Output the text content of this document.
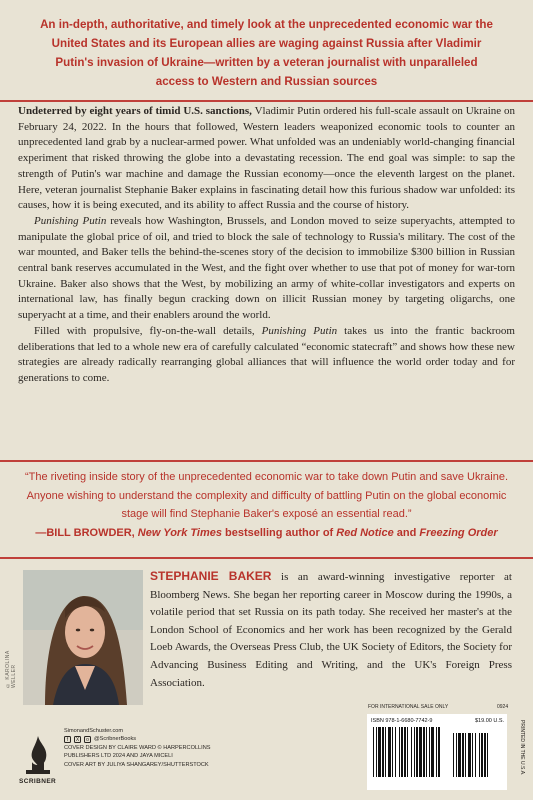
An in-depth, authoritative, and timely look at the unprecedented economic war the United States and its European allies are waging against Russia after Vladimir Putin's invasion of Ukraine—written by a veteran journalist with unparalleled access to Western and Russian sources

Undeterred by eight years of timid U.S. sanctions, Vladimir Putin ordered his full-scale assault on Ukraine on February 24, 2022. In the hours that followed, Western leaders weaponized economic tools to counter an unprecedented land grab by a nuclear-armed power. What unfolded was an undeniably world-changing financial experiment that risked throwing the globe into a devastating recession. The end goal was simple: to sap the strength of Putin's war machine and damage the Russian economy—once the eleventh largest on the planet. Here, veteran journalist Stephanie Baker explains in fascinating detail how this furious shadow war unfolded: its causes, how it is being executed, and its ability to affect Russia and the course of history.

Punishing Putin reveals how Washington, Brussels, and London moved to seize superyachts, attempted to manipulate the global price of oil, and tried to block the sale of technology to Russia's military. The cost of the war mounted, and Baker tells the behind-the-scenes story of the decision to immobilize $300 billion in Russian central bank reserves accumulated in the West, and the fight over whether to use that pot of money for war-torn Ukraine. Baker also shows that the West, by mobilizing an army of white-collar investigators and experts on international law, has finally begun cracking down on illicit Russian money by targeting oligarchs, one superyacht at a time, and their enablers around the world.

Filled with propulsive, fly-on-the-wall details, Punishing Putin takes us into the frantic backroom deliberations that led to a whole new era of carefully calculated “economic statecraft” and shows how these new strategies are already radically rearranging global alliances that will influence the world order today and for generations to come.

“The riveting inside story of the unprecedented economic war to take down Putin and save Ukraine. Anyone wishing to understand the complexity and difficulty of battling Putin on the global economic stage will find Stephanie Baker's exposé an essential read.”
—BILL BROWDER, New York Times bestselling author of Red Notice and Freezing Order
© KAROLINA WELLER
STEPHANIE BAKER is an award-winning investigative reporter at Bloomberg News. She began her reporting career in Moscow during the 1990s, a volatile period that set Russia on its path today. She received her master's at the London School of Economics and her work has been recognized by the Gerald Loeb Awards, the Overseas Press Club, the UK Society of Editors, the Society for Advancing Business Editing and Writing, and the UK's Foreign Press Association.
SCRIBNER
SimonandSchuster.com
f	X	o @ScribnerBooks
COVER DESIGN BY CLAIRE WARD © HARPERCOLLINS
PUBLISHERS LTD 2024 AND JAYA MICELI
COVER ART BY JULIYA SHANGAREY/SHUTTERSTOCK
FOR INTERNATIONAL SALE ONLY	0924
ISBN 978-1-6680-7742-9	$19.00 U.S.	PRINTED IN THE U.S.A.
